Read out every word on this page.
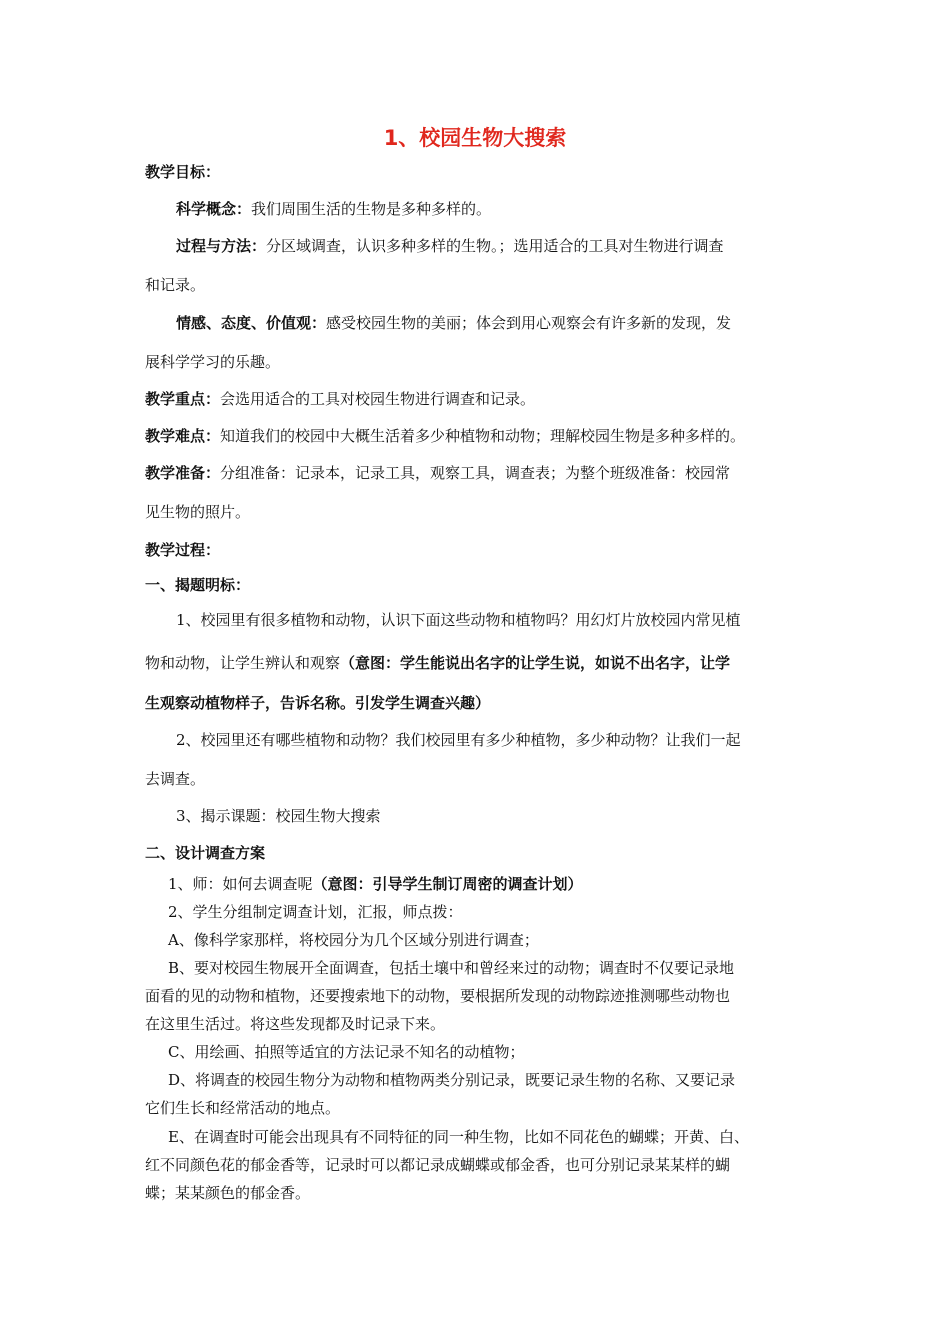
1、校园生物大搜索
教学目标：
科学概念：我们周围生活的生物是多种多样的。
过程与方法：分区域调查，认识多种多样的生物。；选用适合的工具对生物进行调查
和记录。
情感、态度、价值观：感受校园生物的美丽；体会到用心观察会有许多新的发现，发
展科学学习的乐趣。
教学重点：会选用适合的工具对校园生物进行调查和记录。
教学难点：知道我们的校园中大概生活着多少种植物和动物；理解校园生物是多种多样的。
教学准备：分组准备：记录本，记录工具，观察工具，调查表；为整个班级准备：校园常
见生物的照片。
教学过程：
一、揭题明标：
1、校园里有很多植物和动物，认识下面这些动物和植物吗？用幻灯片放校园内常见植
物和动物，让学生辨认和观察（意图：学生能说出名字的让学生说，如说不出名字，让学
生观察动植物样子，告诉名称。引发学生调查兴趣）
2、校园里还有哪些植物和动物？我们校园里有多少种植物，多少种动物？让我们一起
去调查。
3、揭示课题：校园生物大搜索
二、设计调查方案
1、师：如何去调查呢（意图：引导学生制订周密的调查计划）
2、学生分组制定调查计划，汇报，师点拨：
A、像科学家那样，将校园分为几个区域分别进行调查；
B、要对校园生物展开全面调查，包括土壤中和曾经来过的动物；调查时不仅要记录地
面看的见的动物和植物，还要搜索地下的动物，要根据所发现的动物踪迹推测哪些动物也
在这里生活过。将这些发现都及时记录下来。
C、用绘画、拍照等适宜的方法记录不知名的动植物；
D、将调查的校园生物分为动物和植物两类分别记录，既要记录生物的名称、又要记录
它们生长和经常活动的地点。
E、在调查时可能会出现具有不同特征的同一种生物，比如不同花色的蝴蝶；开黄、白、
红不同颜色花的郁金香等，记录时可以都记录成蝴蝶或郁金香，也可分别记录某某样的蝴
蝶；某某颜色的郁金香。
